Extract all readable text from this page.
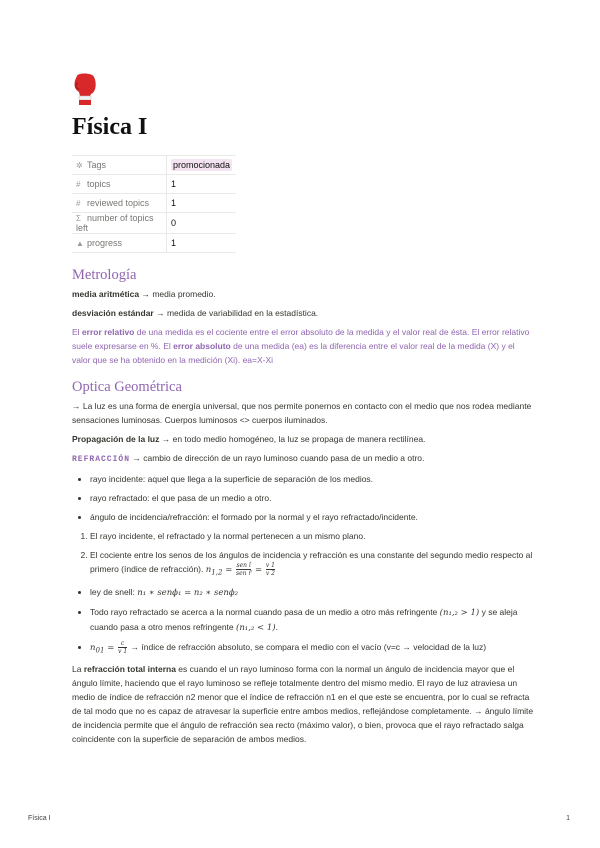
Física I
✲ Tags	promocionada
# topics	1
# reviewed topics	1
Σ number of topics left	0
▲ progress	1
Metrología

media aritmética → media promedio.

desviación estándar → medida de variabilidad en la estadística.

El error relativo de una medida es el cociente entre el error absoluto de la medida y el valor real de ésta. El error relativo suele expresarse en %. El error absoluto de una medida (ea) es la diferencia entre el valor real de la medida (X) y el valor que se ha obtenido en la medición (Xi). ea=X-Xi

Optica Geométrica

→ La luz es una forma de energía universal, que nos permite ponernos en contacto con el medio que nos rodea mediante sensaciones luminosas. Cuerpos luminosos <> cuerpos iluminados.

Propagación de la luz → en todo medio homogéneo, la luz se propaga de manera rectilínea.

REFRACCIÓN → cambio de dirección de un rayo luminoso cuando pasa de un medio a otro.

• rayo incidente: aquel que llega a la superficie de separación de los medios.
• rayo refractado: el que pasa de un medio a otro.
• ángulo de incidencia/refracción: el formado por la normal y el rayo refractado/incidente.
1. El rayo incidente, el refractado y la normal pertenecen a un mismo plano.
2. El cociente entre los senos de los ángulos de incidencia y refracción es una constante del segundo medio respecto al primero (índice de refracción). $n_{1,2} = \frac{\text{sen î}}{\text{sen r̂}} = \frac{v 1}{v 2}$
• ley de snell: n₁ ∗ senϕ₁ = n₂ ∗ senϕ₂
• Todo rayo refractado se acerca a la normal cuando pasa de un medio a otro más refringente (n₁,₂ > 1) y se aleja cuando pasa a otro menos refringente (n₁,₂ < 1).
• $n_{01} = \frac{c}{v 1}$ → índice de refracción absoluto, se compara el medio con el vacío (v=c → velocidad de la luz)

La refracción total interna es cuando el un rayo luminoso forma con la normal un ángulo de incidencia mayor que el ángulo límite, haciendo que el rayo luminoso se refleje totalmente dentro del mismo medio. El rayo de luz atraviesa un medio de índice de refracción n2 menor que el índice de refracción n1 en el que este se encuentra, por lo cual se refracta de tal modo que no es capaz de atravesar la superficie entre ambos medios, reflejándose completamente. → ángulo límite de incidencia permite que el ángulo de refracción sea recto (máximo valor), o bien, provoca que el rayo refractado salga coincidente con la superficie de separación de ambos medios.

Física I	1
